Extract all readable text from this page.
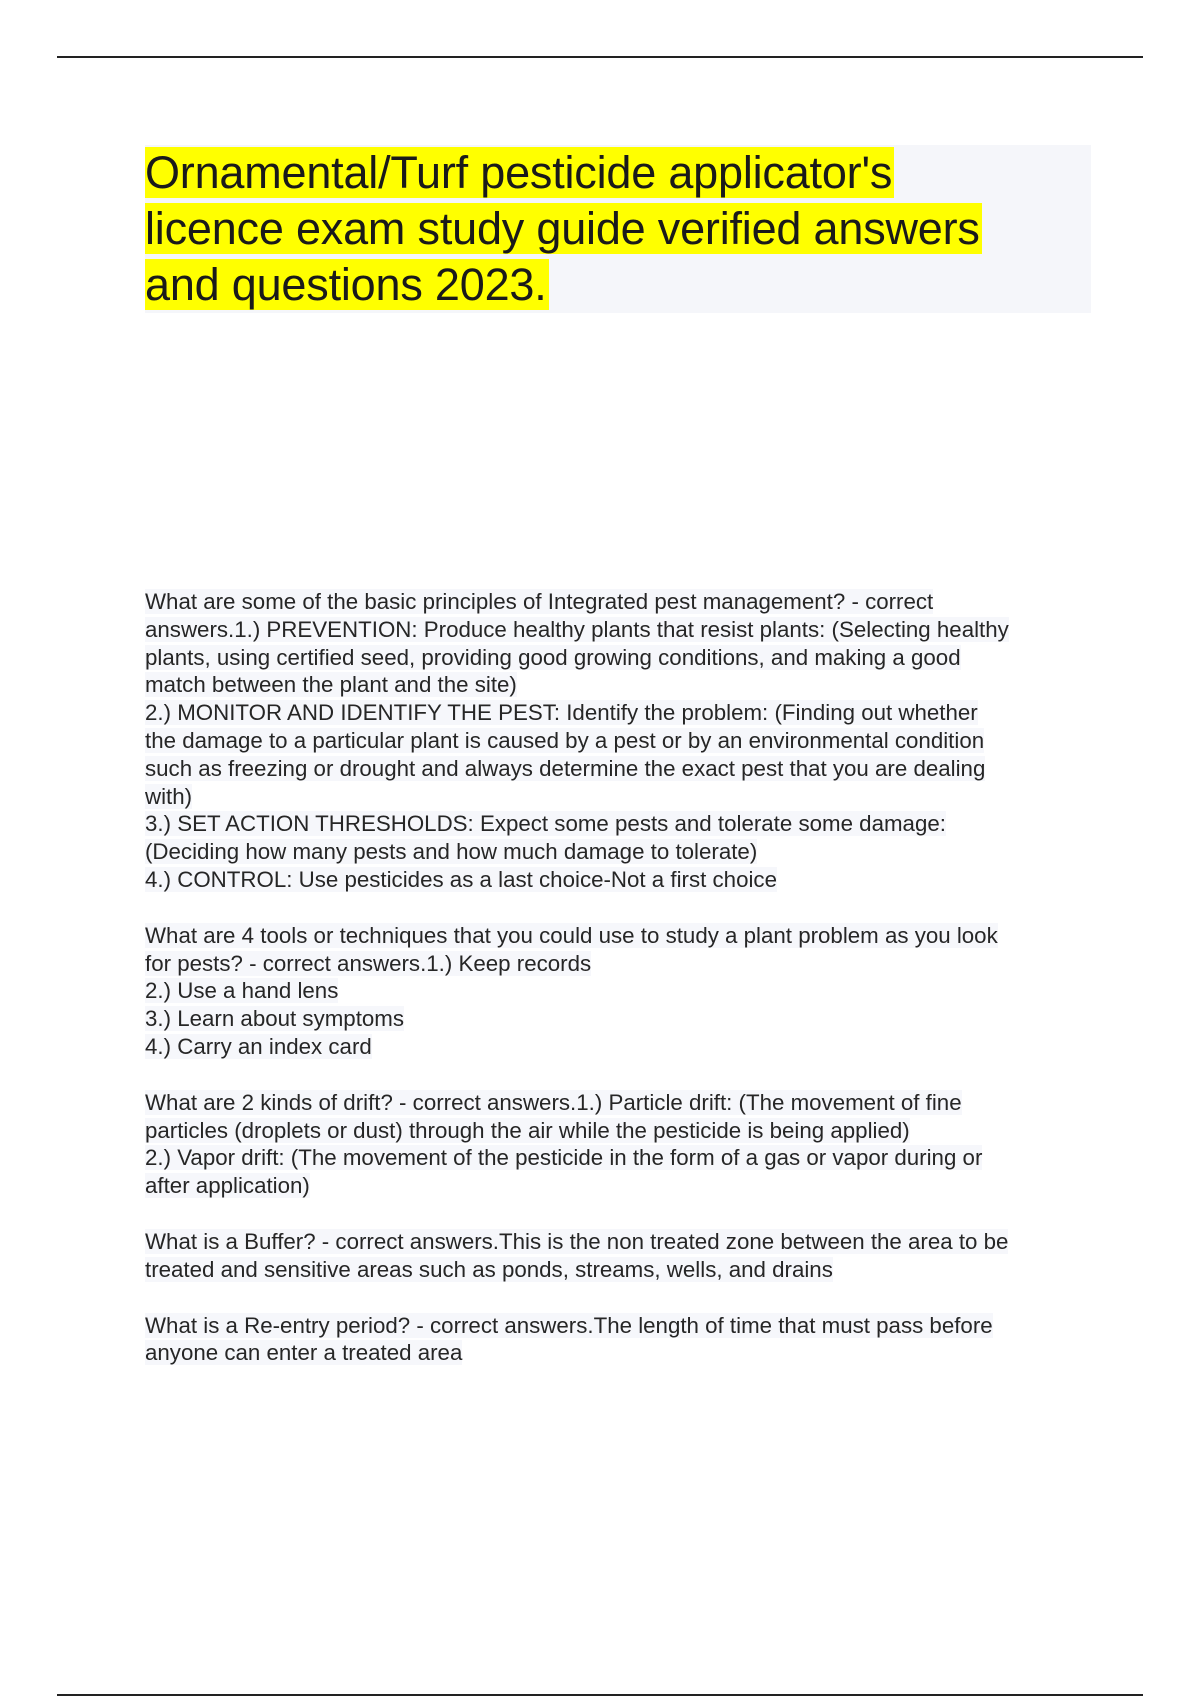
Ornamental/Turf pesticide applicator's
licence exam study guide verified answers
and questions 2023.
What are some of the basic principles of Integrated pest management? - correct
answers.1.) PREVENTION: Produce healthy plants that resist plants: (Selecting healthy
plants, using certified seed, providing good growing conditions, and making a good
match between the plant and the site)
2.) MONITOR AND IDENTIFY THE PEST: Identify the problem: (Finding out whether
the damage to a particular plant is caused by a pest or by an environmental condition
such as freezing or drought and always determine the exact pest that you are dealing
with)
3.) SET ACTION THRESHOLDS: Expect some pests and tolerate some damage:
(Deciding how many pests and how much damage to tolerate)
4.) CONTROL: Use pesticides as a last choice-Not a first choice
What are 4 tools or techniques that you could use to study a plant problem as you look
for pests? - correct answers.1.) Keep records
2.) Use a hand lens
3.) Learn about symptoms
4.) Carry an index card
What are 2 kinds of drift? - correct answers.1.) Particle drift: (The movement of fine
particles (droplets or dust) through the air while the pesticide is being applied)
2.) Vapor drift: (The movement of the pesticide in the form of a gas or vapor during or
after application)
What is a Buffer? - correct answers.This is the non treated zone between the area to be
treated and sensitive areas such as ponds, streams, wells, and drains
What is a Re-entry period? - correct answers.The length of time that must pass before
anyone can enter a treated area
